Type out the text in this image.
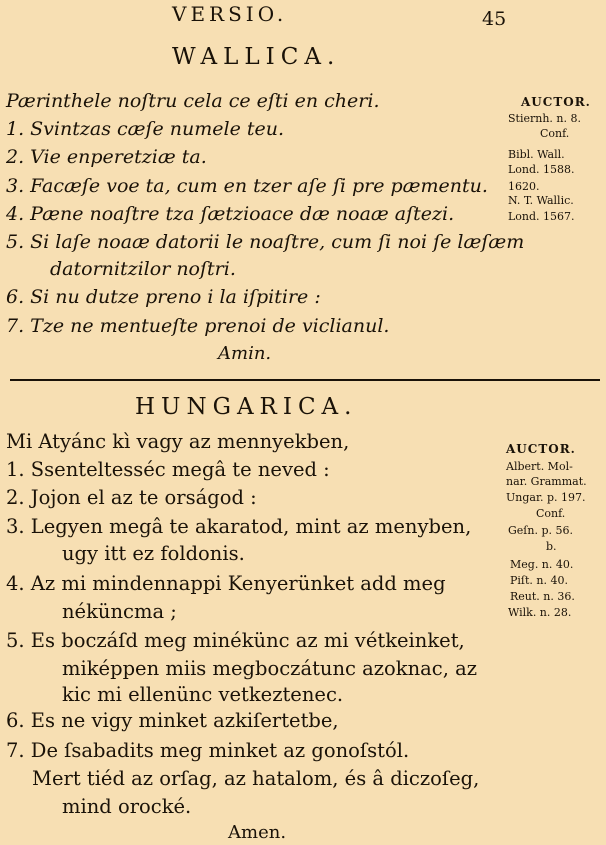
VERSIO.	45
WALLICA.
Pærinthele noſtru cela ce eſti en cheri.
1. Svintzas cæſe numele teu.
2. Vie enperetziæ ta.
3. Facæſe voe ta, cum en tzer aſe ſi pre pæmentu.
4. Pæne noaſtre tza ſætzioace dæ noaæ aſtezi.
5. Si laſe noaæ datorii le noaſtre, cum ſi noi ſe læſæm
datornitzilor noſtri.
6. Si nu dutze preno i la iſpitire :
7. Tze ne mentueſte prenoi de viclianul.
Amin.
AUCTOR.
Stiernh. n. 8.
Conf.
Bibl. Wall.
Lond. 1588.
1620.
N. T. Wallic.
Lond. 1567.
HUNGARICA.
Mi Atyánc kì vagy az mennyekben,
1. Ssenteltesséc megâ te neved :
2. Jojon el az te orságod :
3. Legyen megâ te akaratod, mint az menyben,
ugy itt ez foldonis.
4. Az mi mindennappi Kenyerünket add meg
néküncma ;
5. Es boczáſd meg minékünc az mi vétkeinket,
miképpen miis megboczátunc azoknac, az
kic mi ellenünc vetkeztenec.
6. Es ne vigy minket azkiſertetbe,
7. De ſsabadits meg minket az gonoſstól.
Mert tiéd az orſag, az hatalom, és â diczoſeg,
mind orocké.
Amen.
AUCTOR.
Albert. Mol-
nar. Grammat.
Ungar. p. 197.
Conf.
Geſn. p. 56.
b.
Meg. n. 40.
Piſt. n. 40.
Reut. n. 36.
Wilk. n. 28.
